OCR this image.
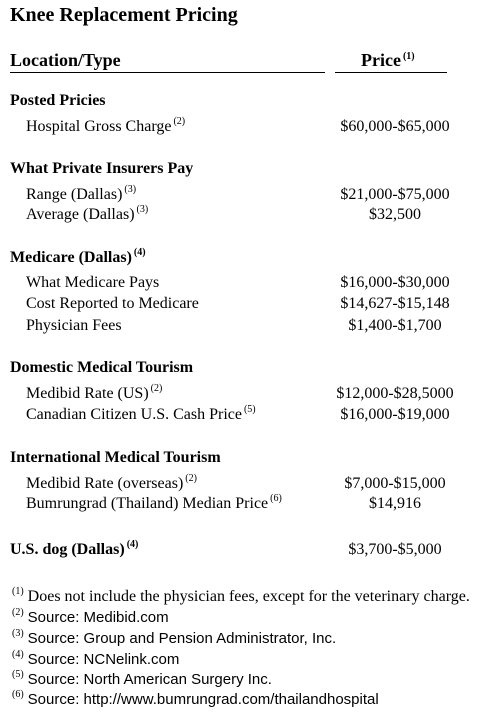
Knee Replacement Pricing
Location/Type	Price $^{(1)}$
Posted Pricies
Hospital Gross Charge $^{(2)}$	$60,000-$65,000
What Private Insurers Pay
Range (Dallas) $^{(3)}$	$21,000-$75,000
Average (Dallas) $^{(3)}$	$32,500
Medicare (Dallas) $^{(4)}$
What Medicare Pays	$16,000-$30,000
Cost Reported to Medicare	$14,627-$15,148
Physician Fees	$1,400-$1,700
Domestic Medical Tourism
Medibid Rate (US) $^{(2)}$	$12,000-$28,5000
Canadian Citizen U.S. Cash Price $^{(5)}$	$16,000-$19,000
International Medical Tourism
Medibid Rate (overseas) $^{(2)}$	$7,000-$15,000
Bumrungrad (Thailand) Median Price $^{(6)}$	$14,916
U.S. dog (Dallas) $^{(4)}$	$3,700-$5,000
$^{(1)}$ Does not include the physician fees, except for the veterinary charge.
$^{(2)}$ Source: Medibid.com
$^{(3)}$ Source: Group and Pension Administrator, Inc.
$^{(4)}$ Source: NCNelink.com
$^{(5)}$ Source: North American Surgery Inc.
$^{(6)}$ Source: http://www.bumrungrad.com/thailandhospital
